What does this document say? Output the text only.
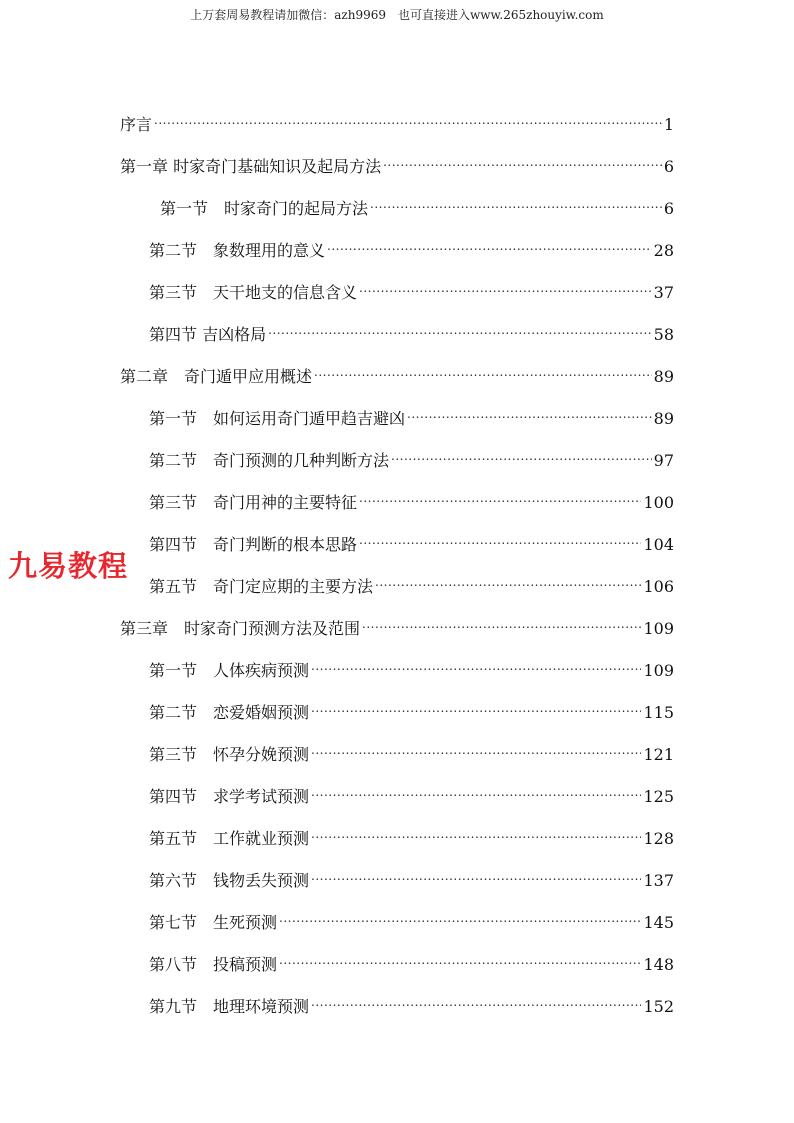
上万套周易教程请加微信：azh9969　也可直接进入www.265zhouyiw.com
九易教程
序言 .....	1
第一章 时家奇门基础知识及起局方法 .....	6
第一节　时家奇门的起局方法 .....	6
第二节　象数理用的意义 .....	28
第三节　天干地支的信息含义 .....	37
第四节 吉凶格局 .....	58
第二章　奇门遁甲应用概述 .....	89
第一节　如何运用奇门遁甲趋吉避凶 .....	89
第二节　奇门预测的几种判断方法 .....	97
第三节　奇门用神的主要特征 .....	100
第四节　奇门判断的根本思路 .....	104
第五节　奇门定应期的主要方法 .....	106
第三章　时家奇门预测方法及范围 .....	109
第一节　人体疾病预测 .....	109
第二节　恋爱婚姻预测 .....	115
第三节　怀孕分娩预测 .....	121
第四节　求学考试预测 .....	125
第五节　工作就业预测 .....	128
第六节　钱物丢失预测 .....	137
第七节　生死预测 .....	145
第八节　投稿预测 .....	148
第九节　地理环境预测 .....	152
